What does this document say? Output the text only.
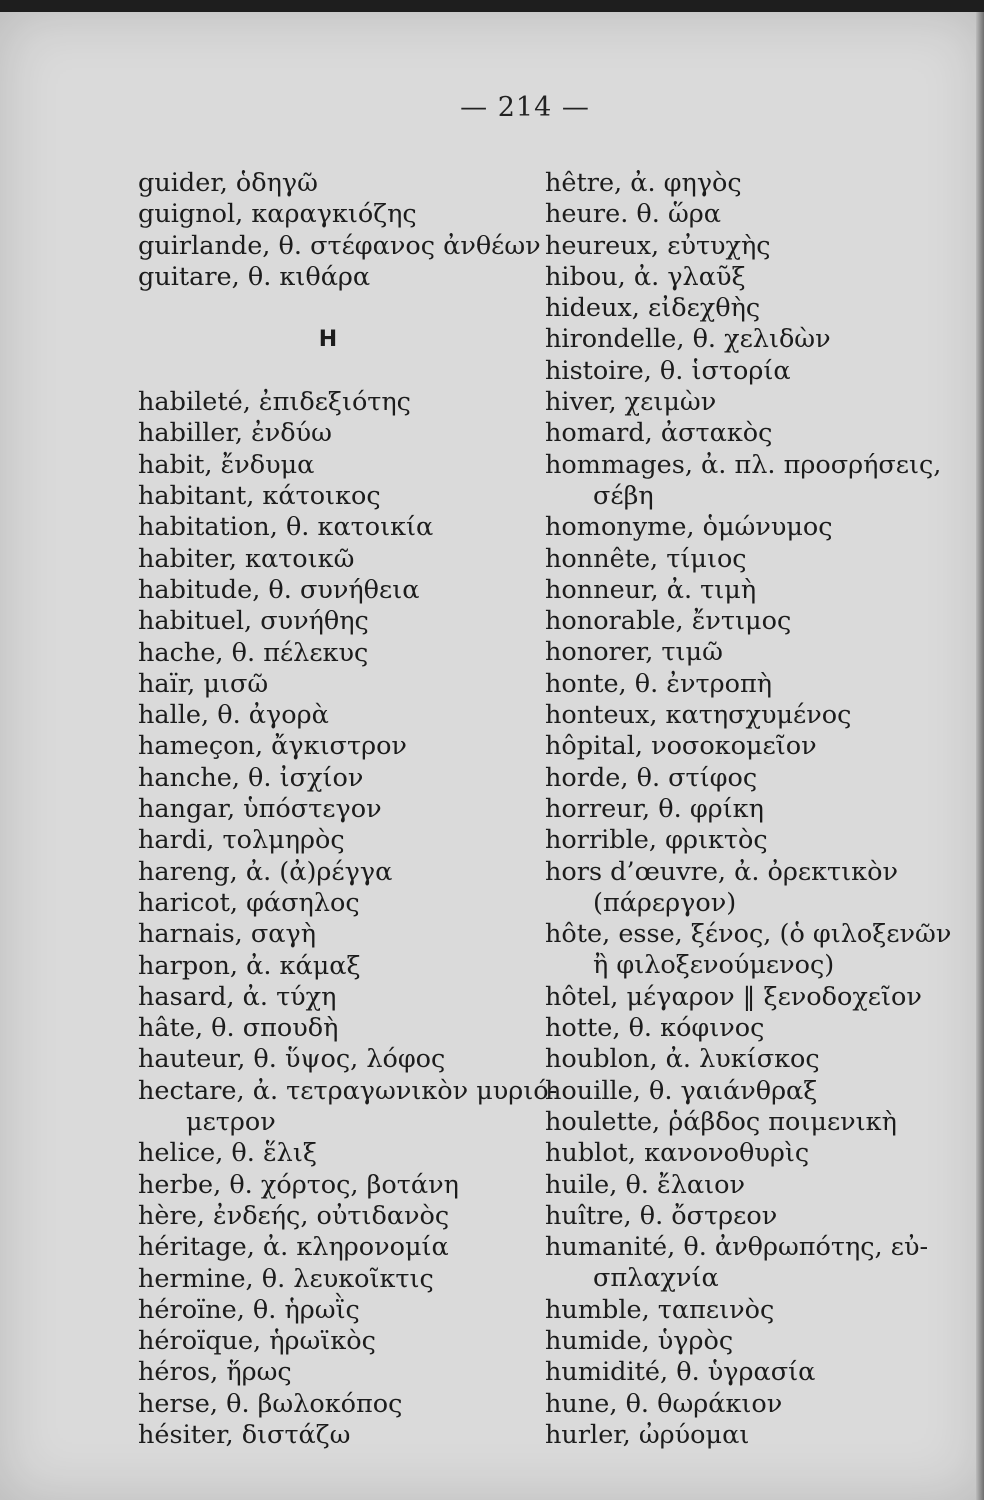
— 214 —
guider, ὁδηγῶ
guignol, καραγκιόζης
guirlande, θ. στέφανος ἀνθέων
guitare, θ. κιθάρα
H
habileté, ἐπιδεξιότης
habiller, ἐνδύω
habit, ἔνδυμα
habitant, κάτοικος
habitation, θ. κατοικία
habiter, κατοικῶ
habitude, θ. συνήθεια
habituel, συνήθης
hache, θ. πέλεκυς
haïr, μισῶ
halle, θ. ἀγορὰ
hameçon, ἄγκιστρον
hanche, θ. ἰσχίον
hangar, ὑπόστεγον
hardi, τολμηρὸς
hareng, ἀ. (ἀ)ρέγγα
haricot, φάσηλος
harnais, σαγὴ
harpon, ἀ. κάμαξ
hasard, ἀ. τύχη
hâte, θ. σπουδὴ
hauteur, θ. ὕψος, λόφος
hectare, ἀ. τετραγωνικὸν μυριό-
μετρον
helice, θ. ἕλιξ
herbe, θ. χόρτος, βοτάνη
hère, ἐνδεής, οὐτιδανὸς
héritage, ἀ. κληρονομία
hermine, θ. λευκοῖκτις
héroïne, θ. ἡρωῒς
héroïque, ἡρωϊκὸς
héros, ἥρως
herse, θ. βωλοκόπος
hésiter, διστάζω
hêtre, ἀ. φηγὸς
heure. θ. ὥρα
heureux, εὐτυχὴς
hibou, ἀ. γλαῦξ
hideux, εἰδεχθὴς
hirondelle, θ. χελιδὼν
histoire, θ. ἱστορία
hiver, χειμὼν
homard, ἀστακὸς
hommages, ἀ. πλ. προσρήσεις,
σέβη
homonyme, ὁμώνυμος
honnête, τίμιος
honneur, ἀ. τιμὴ
honorable, ἔντιμος
honorer, τιμῶ
honte, θ. ἐντροπὴ
honteux, κατησχυμένος
hôpital, νοσοκομεῖον
horde, θ. στίφος
horreur, θ. φρίκη
horrible, φρικτὸς
hors d’œuvre, ἀ. ὀρεκτικὸν
(πάρεργον)
hôte, esse, ξένος, (ὁ φιλοξενῶν
ἢ φιλοξενούμενος)
hôtel, μέγαρον ‖ ξενοδοχεῖον
hotte, θ. κόφινος
houblon, ἀ. λυκίσκος
houille, θ. γαιάνθραξ
houlette, ῥάβδος ποιμενικὴ
hublot, κανονοθυρὶς
huile, θ. ἔλαιον
huître, θ. ὄστρεον
humanité, θ. ἀνθρωπότης, εὐ-
σπλαχνία
humble, ταπεινὸς
humide, ὑγρὸς
humidité, θ. ὑγρασία
hune, θ. θωράκιον
hurler, ὠρύομαι
